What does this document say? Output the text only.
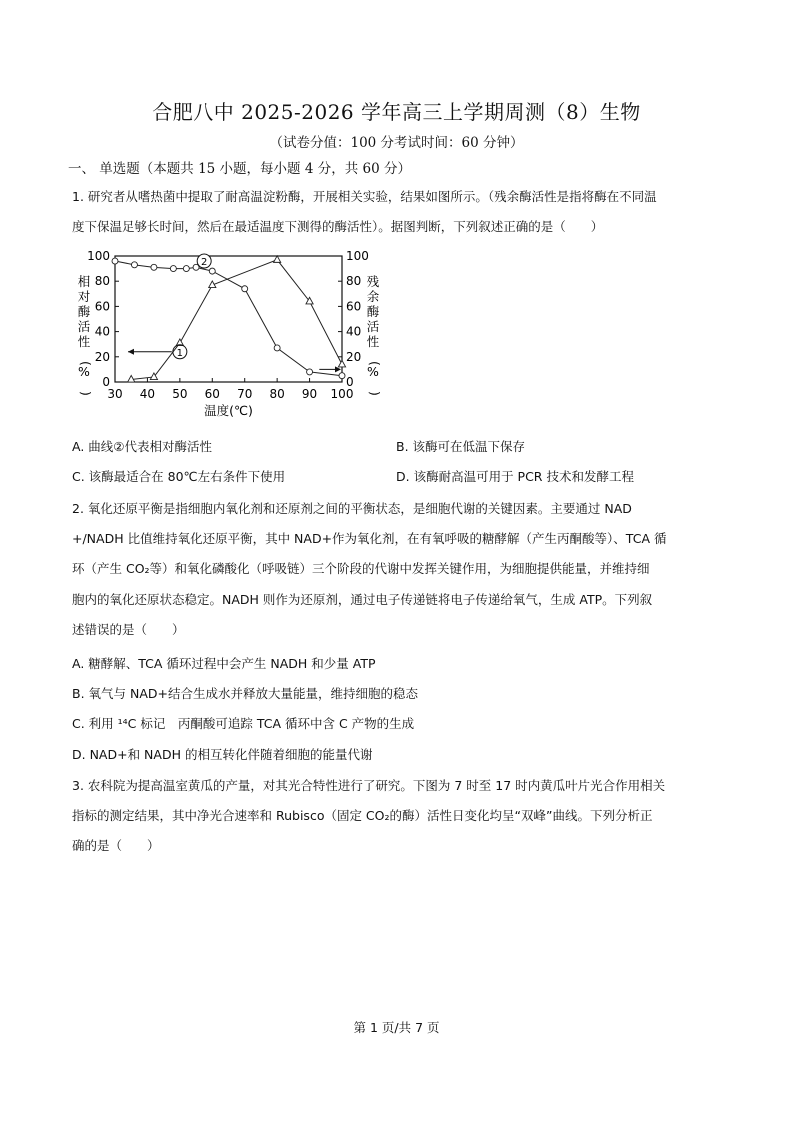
合肥八中 2025-2026 学年高三上学期周测（8）生物
（试卷分值：100 分考试时间：60 分钟）
一、 单选题（本题共 15 小题，每小题 4 分，共 60 分）
1. 研究者从嗜热菌中提取了耐高温淀粉酶，开展相关实验，结果如图所示。（残余酶活性是指将酶在不同温
度下保温足够长时间，然后在最适温度下测得的酶活性）。据图判断，下列叙述正确的是（　　）
0	0
20	20
40	40
60	60
80	80
100	100
30 40 50 60 70 80 90 100
温度(℃)
相对酶活性( % )
残余酶活性( % )
1
2
A. 曲线②代表相对酶活性	B. 该酶可在低温下保存
C. 该酶最适合在 80℃左右条件下使用	D. 该酶耐高温可用于 PCR 技术和发酵工程
2. 氧化还原平衡是指细胞内氧化剂和还原剂之间的平衡状态，是细胞代谢的关键因素。主要通过 NAD
+/NADH 比值维持氧化还原平衡，其中 NAD+作为氧化剂，在有氧呼吸的糖酵解（产生丙酮酸等）、TCA 循
环（产生 CO₂等）和氧化磷酸化（呼吸链）三个阶段的代谢中发挥关键作用，为细胞提供能量，并维持细
胞内的氧化还原状态稳定。NADH 则作为还原剂，通过电子传递链将电子传递给氧气，生成 ATP。下列叙
述错误的是（　　）
A. 糖酵解、TCA 循环过程中会产生 NADH 和少量 ATP
B. 氧气与 NAD+结合生成水并释放大量能量，维持细胞的稳态
C. 利用 ¹⁴C 标记　丙酮酸可追踪 TCA 循环中含 C 产物的生成
D. NAD+和 NADH 的相互转化伴随着细胞的能量代谢
3. 农科院为提高温室黄瓜的产量，对其光合特性进行了研究。下图为 7 时至 17 时内黄瓜叶片光合作用相关
指标的测定结果，其中净光合速率和 Rubisco（固定 CO₂的酶）活性日变化均呈“双峰”曲线。下列分析正
确的是（　　）
第 1 页/共 7 页
